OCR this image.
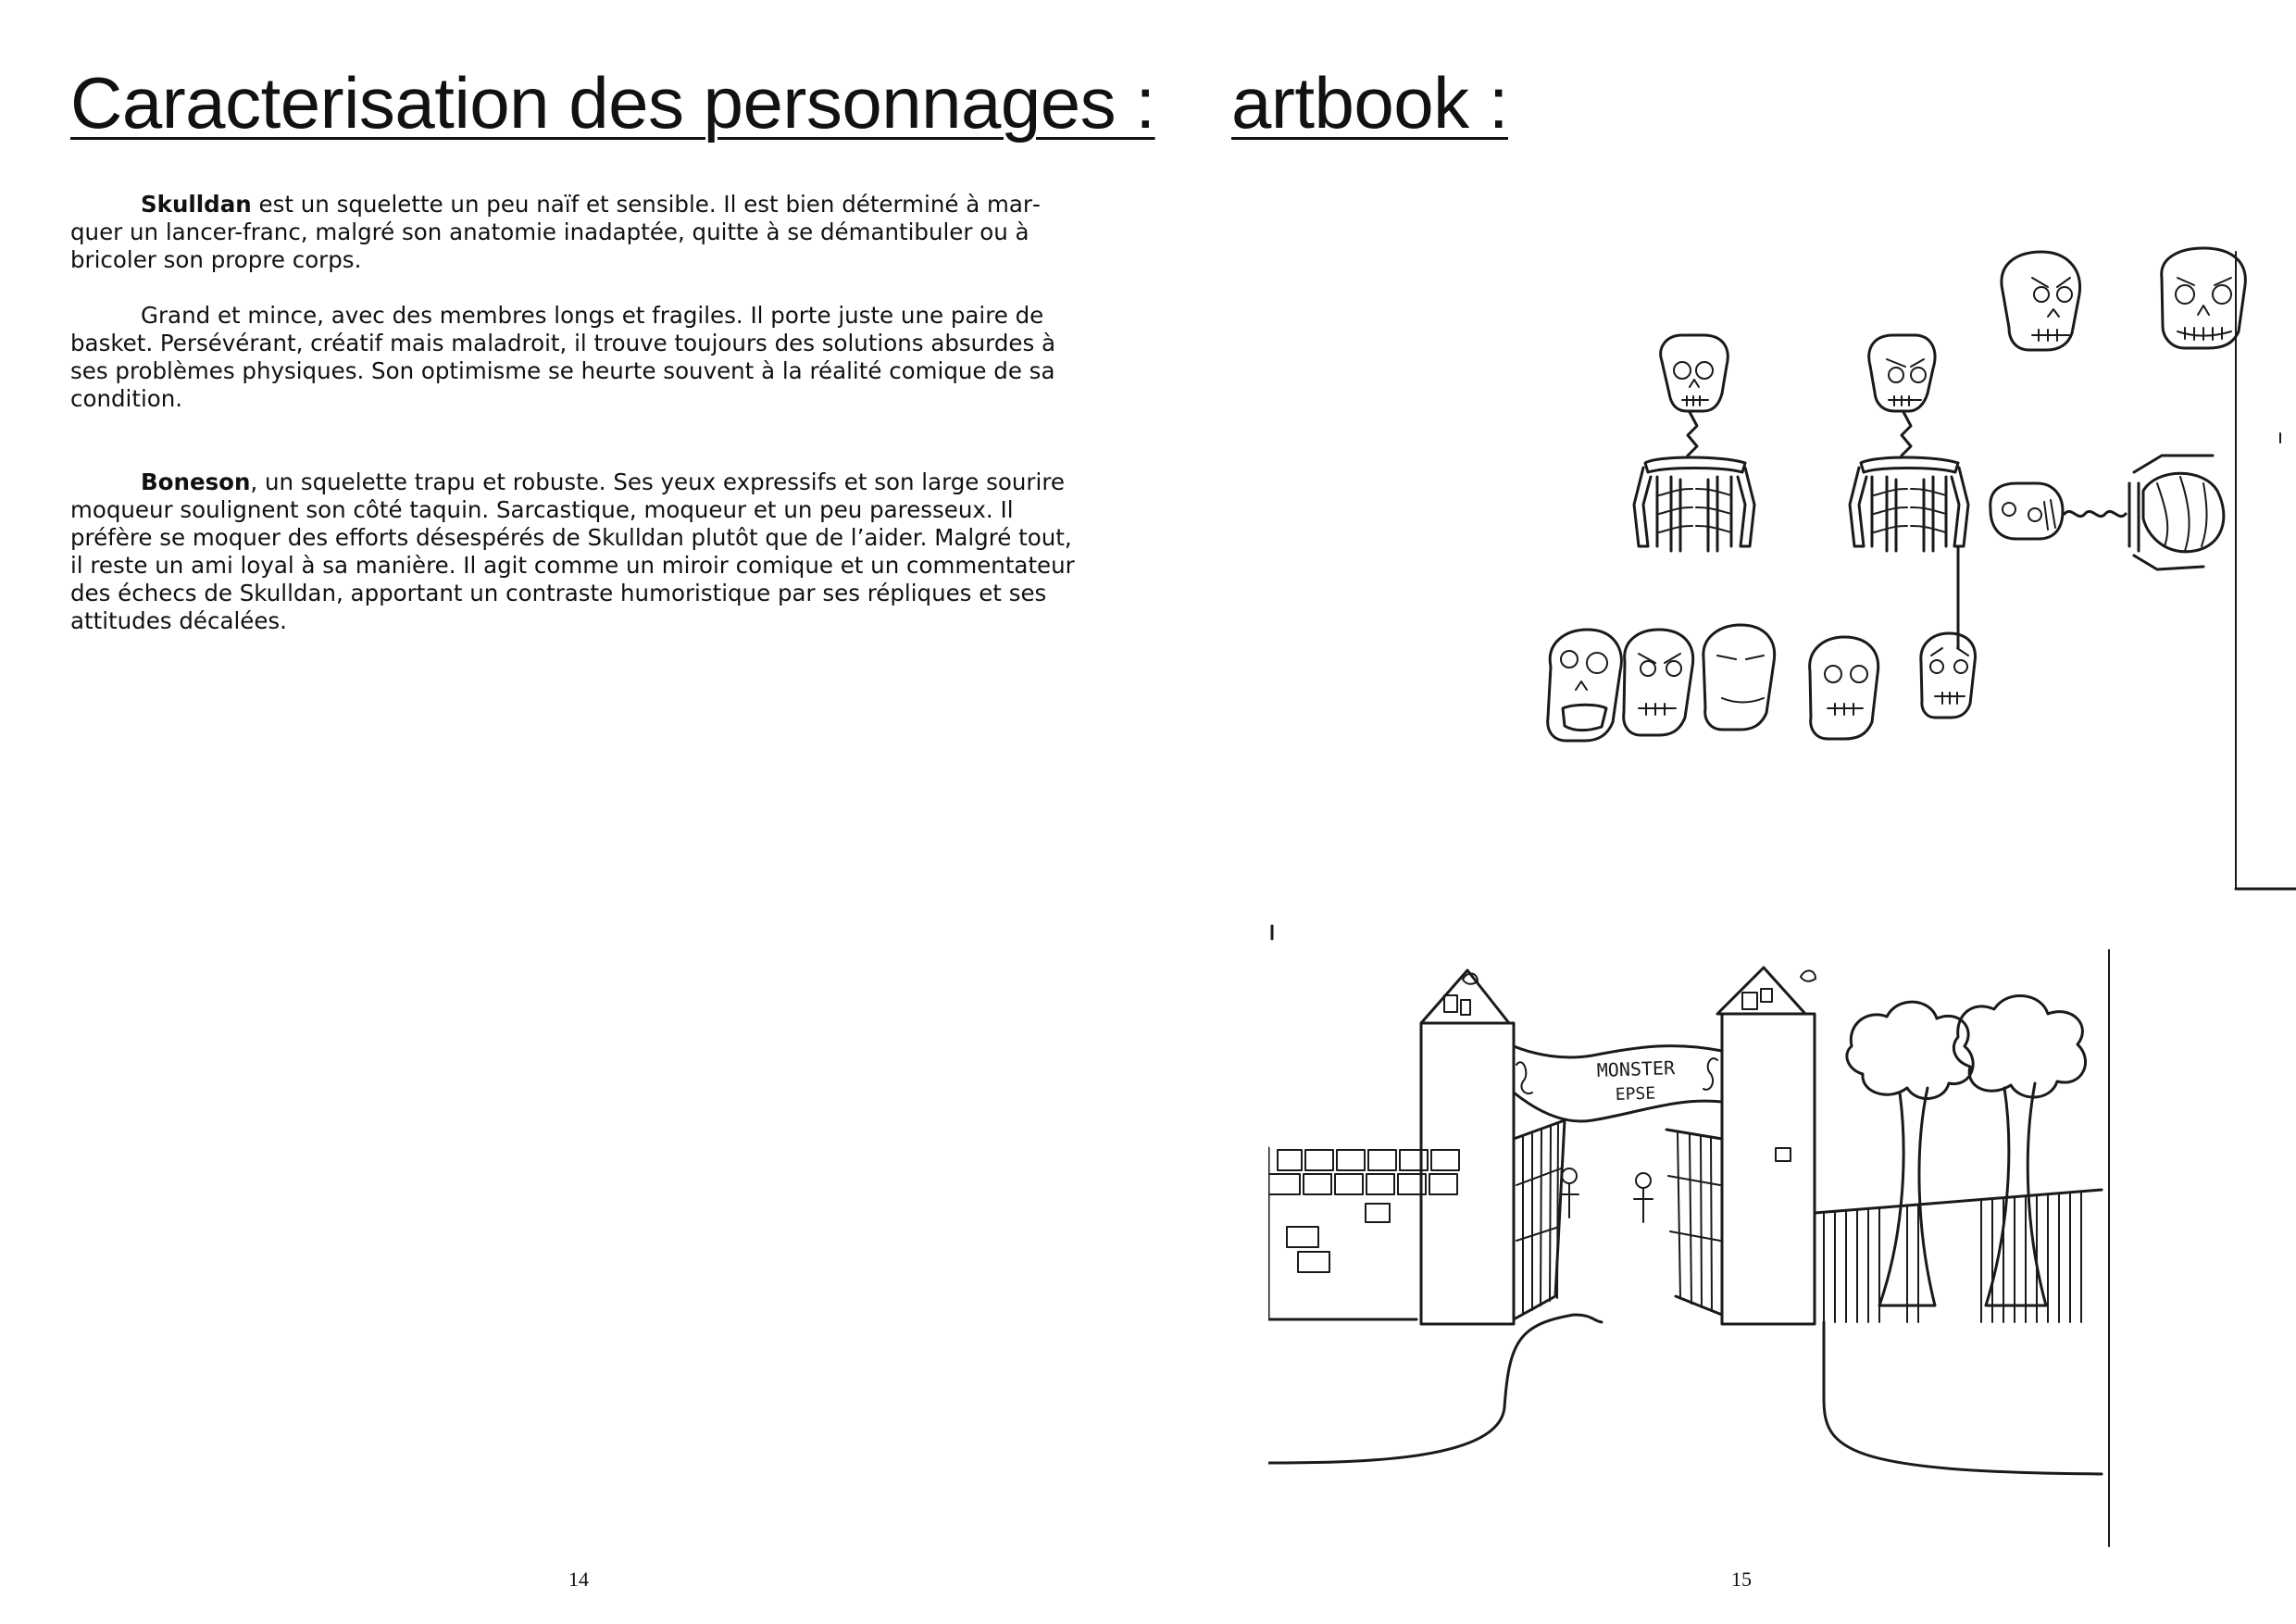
Caracterisation des personnages :

Skulldan est un squelette un peu naïf et sensible. Il est bien déterminé à marquer un lancer-franc, malgré son anatomie inadaptée, quitte à se démantibuler ou à bricoler son propre corps.

Grand et mince, avec des membres longs et fragiles. Il porte juste une paire de basket. Persévérant, créatif mais maladroit, il trouve toujours des solutions absurdes à ses problèmes physiques. Son optimisme se heurte souvent à la réalité comique de sa condition.

Boneson, un squelette trapu et robuste. Ses yeux expressifs et son large sourire moqueur soulignent son côté taquin. Sarcastique, moqueur et un peu paresseux. Il préfère se moquer des efforts désespérés de Skulldan plutôt que de l’aider. Malgré tout, il reste un ami loyal à sa manière. Il agit comme un miroir comique et un commentateur des échecs de Skulldan, apportant un contraste humoristique par ses répliques et ses attitudes décalées.

14
artbook :
MONSTER
EPSE
15
